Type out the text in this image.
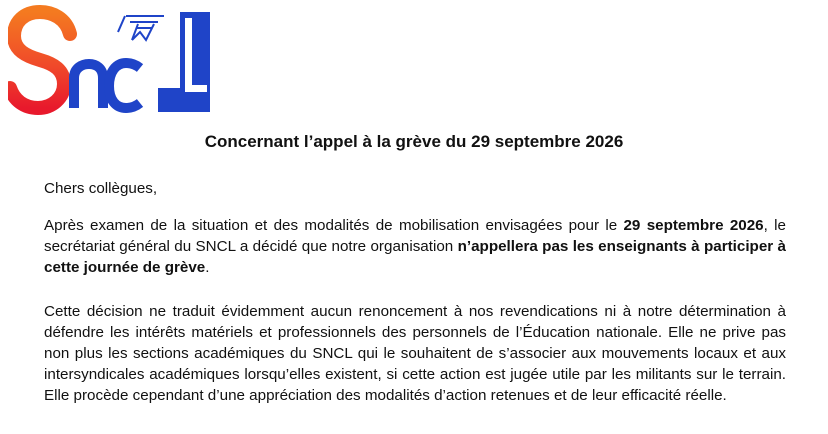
Concernant l’appel à la grève du 29 septembre 2026
Chers collègues,
Après examen de la situation et des modalités de mobilisation envisagées pour le 29 septembre 2026, le secrétariat général du SNCL a décidé que notre organisation n’appellera pas les enseignants à participer à cette journée de grève.
Cette décision ne traduit évidemment aucun renoncement à nos revendications ni à notre détermination à défendre les intérêts matériels et professionnels des personnels de l’Éducation nationale. Elle ne prive pas non plus les sections académiques du SNCL qui le souhaitent de s’associer aux mouvements locaux et aux intersyndicales académiques lorsqu’elles existent, si cette action est jugée utile par les militants sur le terrain. Elle procède cependant d’une appréciation des modalités d’action retenues et de leur efficacité réelle.
